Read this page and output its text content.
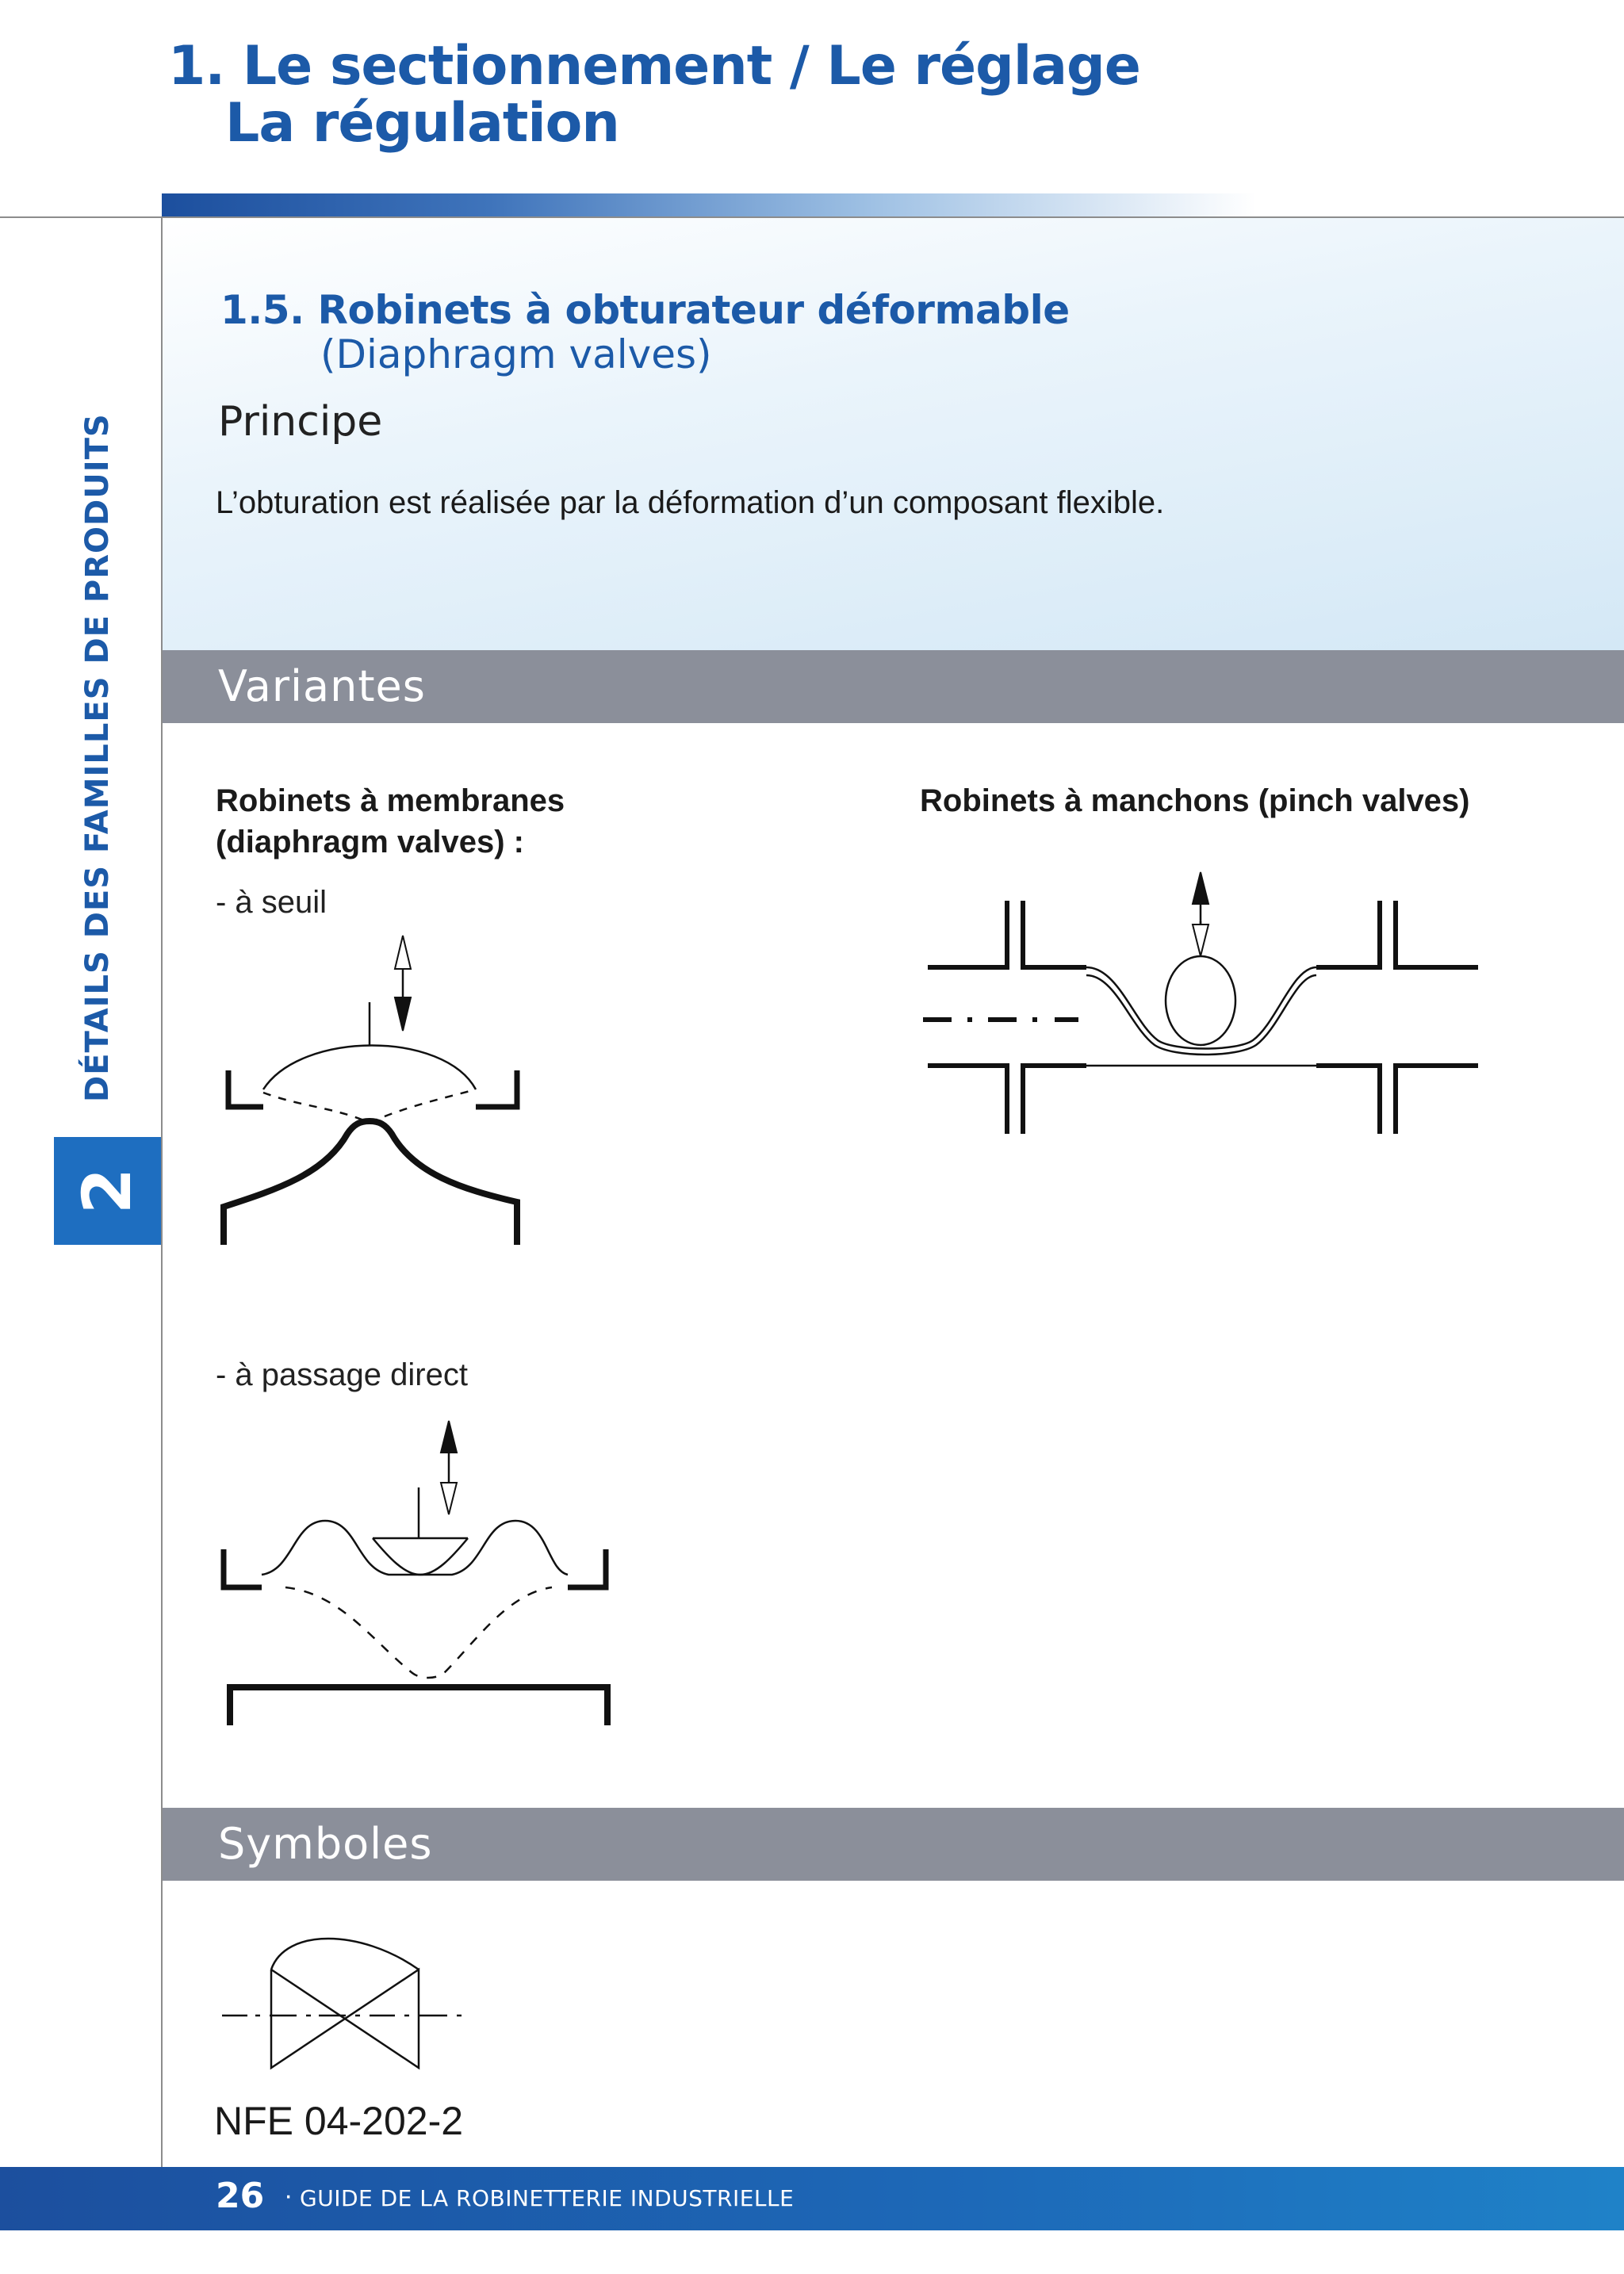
1. Le sectionnement / Le réglage
La régulation
DÉTAILS DES FAMILLES DE PRODUITS
2
1.5. Robinets à obturateur déformable
(Diaphragm valves)
Principe
L’obturation est réalisée par la déformation d’un composant flexible.
Variantes
Robinets à membranes
(diaphragm valves) :
- à seuil
Robinets à manchons (pinch valves)
- à passage direct
Symboles
NFE 04-202-2
26 · GUIDE DE LA ROBINETTERIE INDUSTRIELLE
